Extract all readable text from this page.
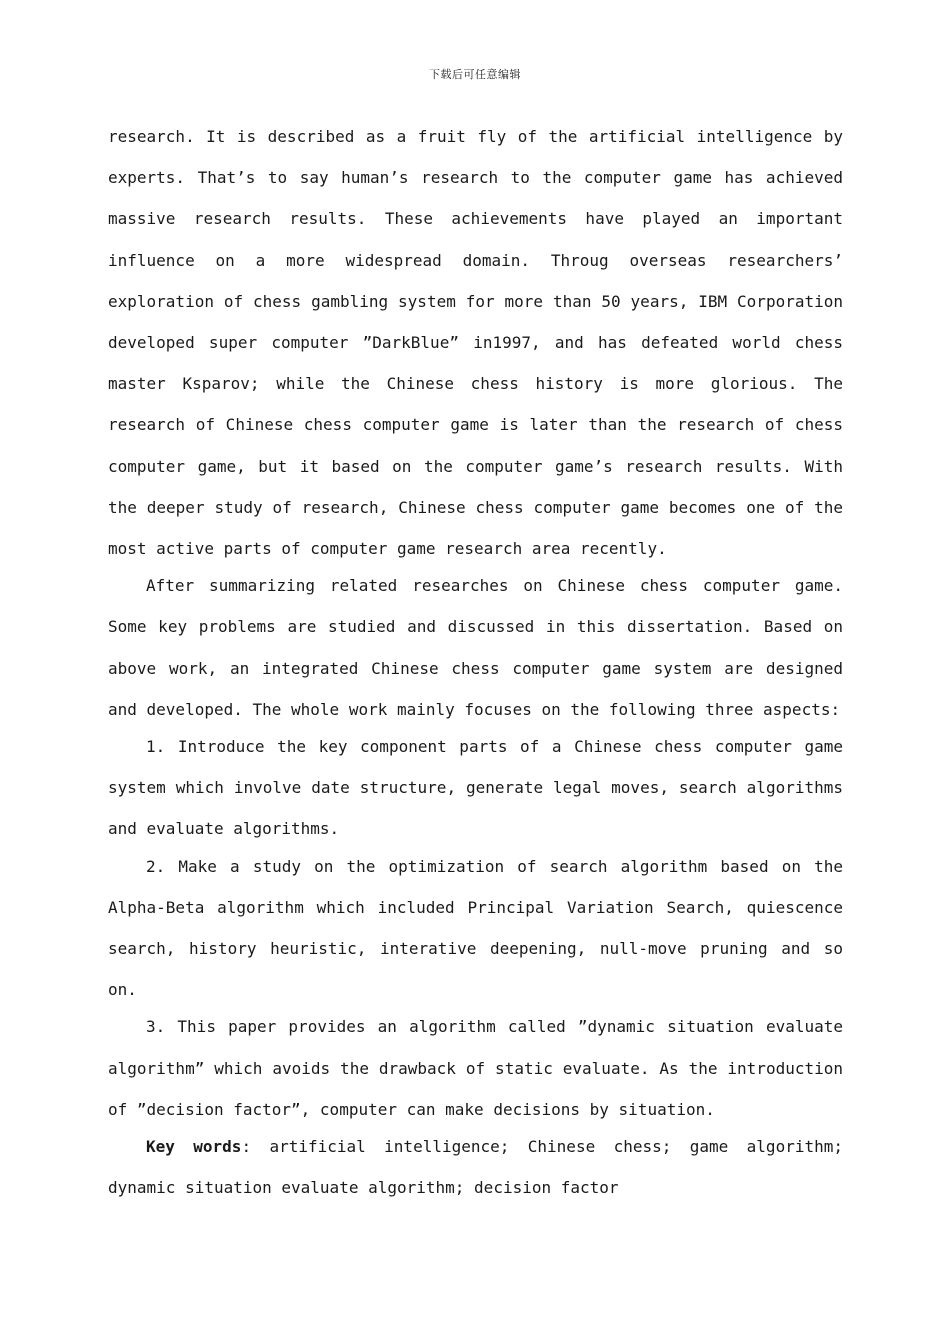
下载后可任意编辑

research. It is described as a fruit fly of the artificial intelligence by experts. That’s to say human’s research to the computer game has achieved massive research results. These achievements have played an important influence on a more widespread domain. Throug overseas researchers’ exploration of chess gambling system for more than 50 years, IBM Corporation developed super computer ”DarkBlue” in1997, and has defeated world chess master Ksparov; while the Chinese chess history is more glorious. The research of Chinese chess computer game is later than the research of chess computer game, but it based on the computer game’s research results. With the deeper study of research, Chinese chess computer game becomes one of the most active parts of computer game research area recently.

After summarizing related researches on Chinese chess computer game. Some key problems are studied and discussed in this dissertation. Based on above work, an integrated Chinese chess computer game system are designed and developed. The whole work mainly focuses on the following three aspects:

1. Introduce the key component parts of a Chinese chess computer game system which involve date structure, generate legal moves, search algorithms and evaluate algorithms.

2. Make a study on the optimization of search algorithm based on the Alpha-Beta algorithm which included Principal Variation Search, quiescence search, history heuristic, interative deepening, null-move pruning and so on.

3. This paper provides an algorithm called ”dynamic situation evaluate algorithm” which avoids the drawback of static evaluate. As the introduction of ”decision factor”, computer can make decisions by situation.

Key words: artificial intelligence; Chinese chess; game algorithm; dynamic situation evaluate algorithm; decision factor
